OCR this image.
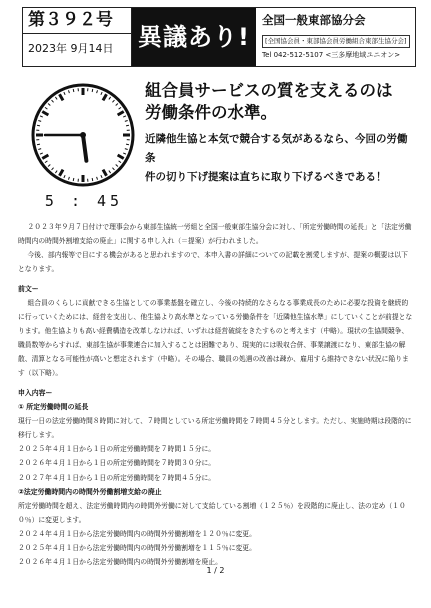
第３９２号
2023年 9月14日	異議あり!
全国一般東部協分会
[全国協会員・東部協会員労働組合東部生協分会]
Tel 042-512-5107 <三多摩地域ユニオン>
5 : 45
組合員サービスの質を支えるのは
労働条件の水準。
近隣他生協と本気で競合する気があるなら、今回の労働条
件の切り下げ提案は直ちに取り下げるべきである！

２０２３年９月７日付けで理事会から東部生協統一労組と全国一般東部生協分会に対し、「所定労働時間の延長」と「法定労働時間内の時間外割増支給の廃止」に関する申し入れ（＝提案）が行われました。

今後、部内報等で目にする機会があると思われますので、本申入書の詳細についての記載を割愛しますが、提案の概要は以下となります。

前文ー

組合員のくらしに貢献できる生協としての事業基盤を確立し、今後の持続的なさらなる事業成長のために必要な投資を継続的に行っていくためには、経営を支出し、他生協より高水準となっている労働条件を「近隣他生協水準」にしていくことが前提となります。他生協よりも高い経費構造を改革しなければ、いずれは経営破綻をきたすものと考えます（中略）。現状の生協間競争、職員数等からすれば、東部生協が事業連合に加入することは困難であり、現実的には吸収合併、事業譲渡になり、東部生協の解散、清算となる可能性が高いと想定されます（中略）。その場合、職員の処遇の改善は疎か、雇用すら維持できない状況に陥ります（以下略）。

申入内容ー

① 所定労働時間の延長

現行一日の法定労働時間８時間に対して、７時間としている所定労働時間を７時間４５分とします。ただし、実施時期は段階的に移行します。

２０２５年４月１日から１日の所定労働時間を７時間１５分に。

２０２６年４月１日から１日の所定労働時間を７時間３０分に。

２０２７年４月１日から１日の所定労働時間を７時間４５分に。

②法定労働時間内の時間外労働割増支給の廃止

所定労働時間を超え、法定労働時間内の時間外労働に対して支給している割増（１２５％）を段階的に廃止し、法の定め（１００％）に変更します。

２０２４年４月１日から法定労働時間内の時間外労働割増を１２０％に変更。

２０２５年４月１日から法定労働時間内の時間外労働割増を１１５％に変更。

２０２６年４月１日から法定労働時間内の時間外労働割増を廃止。

1 / 2
